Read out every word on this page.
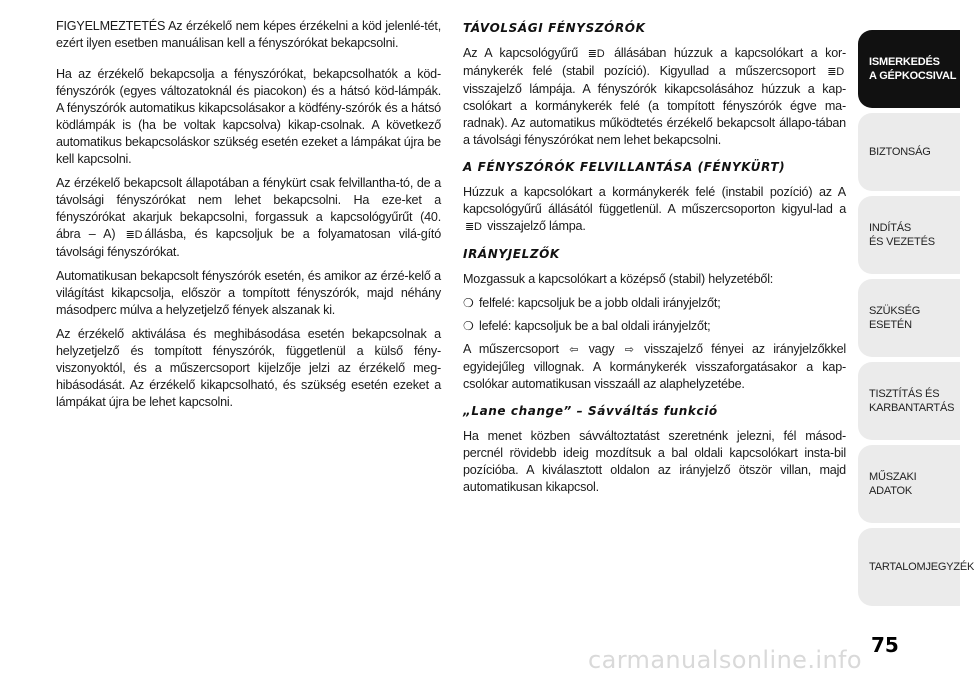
FIGYELMEZTETÉS Az érzékelő nem képes érzékelni a köd jelenlé-tét, ezért ilyen esetben manuálisan kell a fényszórókat bekapcsolni.

Ha az érzékelő bekapcsolja a fényszórókat, bekapcsolhatók a köd-fényszórók (egyes változatoknál és piacokon) és a hátsó köd-lámpák. A fényszórók automatikus kikapcsolásakor a ködfény-szórók és a hátsó ködlámpák is (ha be voltak kapcsolva) kikap-csolnak. A következő automatikus bekapcsoláskor szükség esetén ezeket a lámpákat újra be kell kapcsolni.

Az érzékelő bekapcsolt állapotában a fénykürt csak felvillantha-tó, de a távolsági fényszórókat nem lehet bekapcsolni. Ha eze-ket a fényszórókat akarjuk bekapcsolni, forgassuk a kapcsológyűrűt (40. ábra – A) ≣D állásba, és kapcsoljuk be a folyamatosan vilá-gító távolsági fényszórókat.

Automatikusan bekapcsolt fényszórók esetén, és amikor az érzé-kelő a világítást kikapcsolja, először a tompított fényszórók, majd néhány másodperc múlva a helyzetjelző fények alszanak ki.

Az érzékelő aktiválása és meghibásodása esetén bekapcsolnak a helyzetjelző és tompított fényszórók, függetlenül a külső fény-viszonyoktól, és a műszercsoport kijelzője jelzi az érzékelő meg-hibásodását. Az érzékelő kikapcsolható, és szükség esetén ezeket a lámpákat újra be lehet kapcsolni.

TÁVOLSÁGI FÉNYSZÓRÓK

Az A kapcsológyűrű ≣D állásában húzzuk a kapcsolókart a kor-mánykerék felé (stabil pozíció). Kigyullad a műszercsoport ≣D visszajelző lámpája. A fényszórók kikapcsolásához húzzuk a kap-csolókart a kormánykerék felé (a tompított fényszórók égve ma-radnak). Az automatikus működtetés érzékelő bekapcsolt állapo-tában a távolsági fényszórókat nem lehet bekapcsolni.

A FÉNYSZÓRÓK FELVILLANTÁSA (FÉNYKÜRT)

Húzzuk a kapcsolókart a kormánykerék felé (instabil pozíció) az A kapcsológyűrű állásától függetlenül. A műszercsoporton kigyul-lad a ≣D visszajelző lámpa.

IRÁNYJELZŐK

Mozgassuk a kapcsolókart a középső (stabil) helyzetéből:

❍ felfelé: kapcsoljuk be a jobb oldali irányjelzőt;
❍ lefelé: kapcsoljuk be a bal oldali irányjelzőt;

A műszercsoport ⇦ vagy ⇨ visszajelző fényei az irányjelzőkkel egyidejűleg villognak. A kormánykerék visszaforgatásakor a kap-csolókar automatikusan visszaáll az alaphelyzetébe.

„Lane change” – Sávváltás funkció

Ha menet közben sávváltoztatást szeretnénk jelezni, fél másod-percnél rövidebb ideig mozdítsuk a bal oldali kapcsolókart insta-bil pozícióba. A kiválasztott oldalon az irányjelző ötször villan, majd automatikusan kikapcsol.

ISMERKEDÉS
A GÉPKOCSIVAL
BIZTONSÁG
INDÍTÁS
ÉS VEZETÉS
SZÜKSÉG
ESETÉN
TISZTÍTÁS ÉS
KARBANTARTÁS
MŰSZAKI
ADATOK
TARTALOMJEGYZÉK
75
carmanualsonline.info
